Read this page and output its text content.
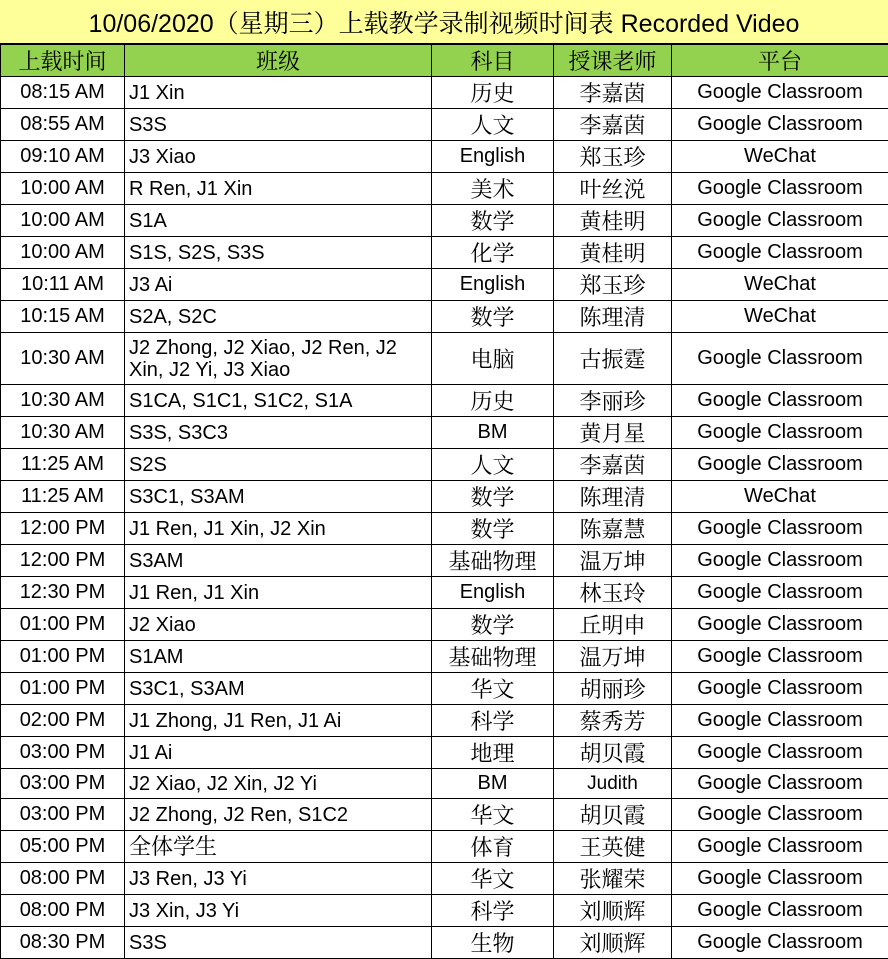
10/06/2020（星期三）上载教学录制视频时间表 Recorded Video
上载时间	班级	科目	授课老师	平台
08:15 AM	J1 Xin	历史	李嘉茵	Google Classroom
08:55 AM	S3S	人文	李嘉茵	Google Classroom
09:10 AM	J3 Xiao	English	郑玉珍	WeChat
10:00 AM	R Ren, J1 Xin	美术	叶丝涚	Google Classroom
10:00 AM	S1A	数学	黄桂明	Google Classroom
10:00 AM	S1S, S2S, S3S	化学	黄桂明	Google Classroom
10:11 AM	J3 Ai	English	郑玉珍	WeChat
10:15 AM	S2A, S2C	数学	陈理清	WeChat
10:30 AM	J2 Zhong, J2 Xiao, J2 Ren, J2 Xin, J2 Yi, J3 Xiao	电脑	古振霆	Google Classroom
10:30 AM	S1CA, S1C1, S1C2, S1A	历史	李丽珍	Google Classroom
10:30 AM	S3S, S3C3	BM	黄月星	Google Classroom
11:25 AM	S2S	人文	李嘉茵	Google Classroom
11:25 AM	S3C1, S3AM	数学	陈理清	WeChat
12:00 PM	J1 Ren, J1 Xin, J2 Xin	数学	陈嘉慧	Google Classroom
12:00 PM	S3AM	基础物理	温万坤	Google Classroom
12:30 PM	J1 Ren, J1 Xin	English	林玉玲	Google Classroom
01:00 PM	J2 Xiao	数学	丘明申	Google Classroom
01:00 PM	S1AM	基础物理	温万坤	Google Classroom
01:00 PM	S3C1, S3AM	华文	胡丽珍	Google Classroom
02:00 PM	J1 Zhong, J1 Ren, J1 Ai	科学	蔡秀芳	Google Classroom
03:00 PM	J1 Ai	地理	胡贝霞	Google Classroom
03:00 PM	J2 Xiao, J2 Xin, J2 Yi	BM	Judith	Google Classroom
03:00 PM	J2 Zhong, J2 Ren, S1C2	华文	胡贝霞	Google Classroom
05:00 PM	全体学生	体育	王英健	Google Classroom
08:00 PM	J3 Ren, J3 Yi	华文	张耀荣	Google Classroom
08:00 PM	J3 Xin, J3 Yi	科学	刘顺辉	Google Classroom
08:30 PM	S3S	生物	刘顺辉	Google Classroom
